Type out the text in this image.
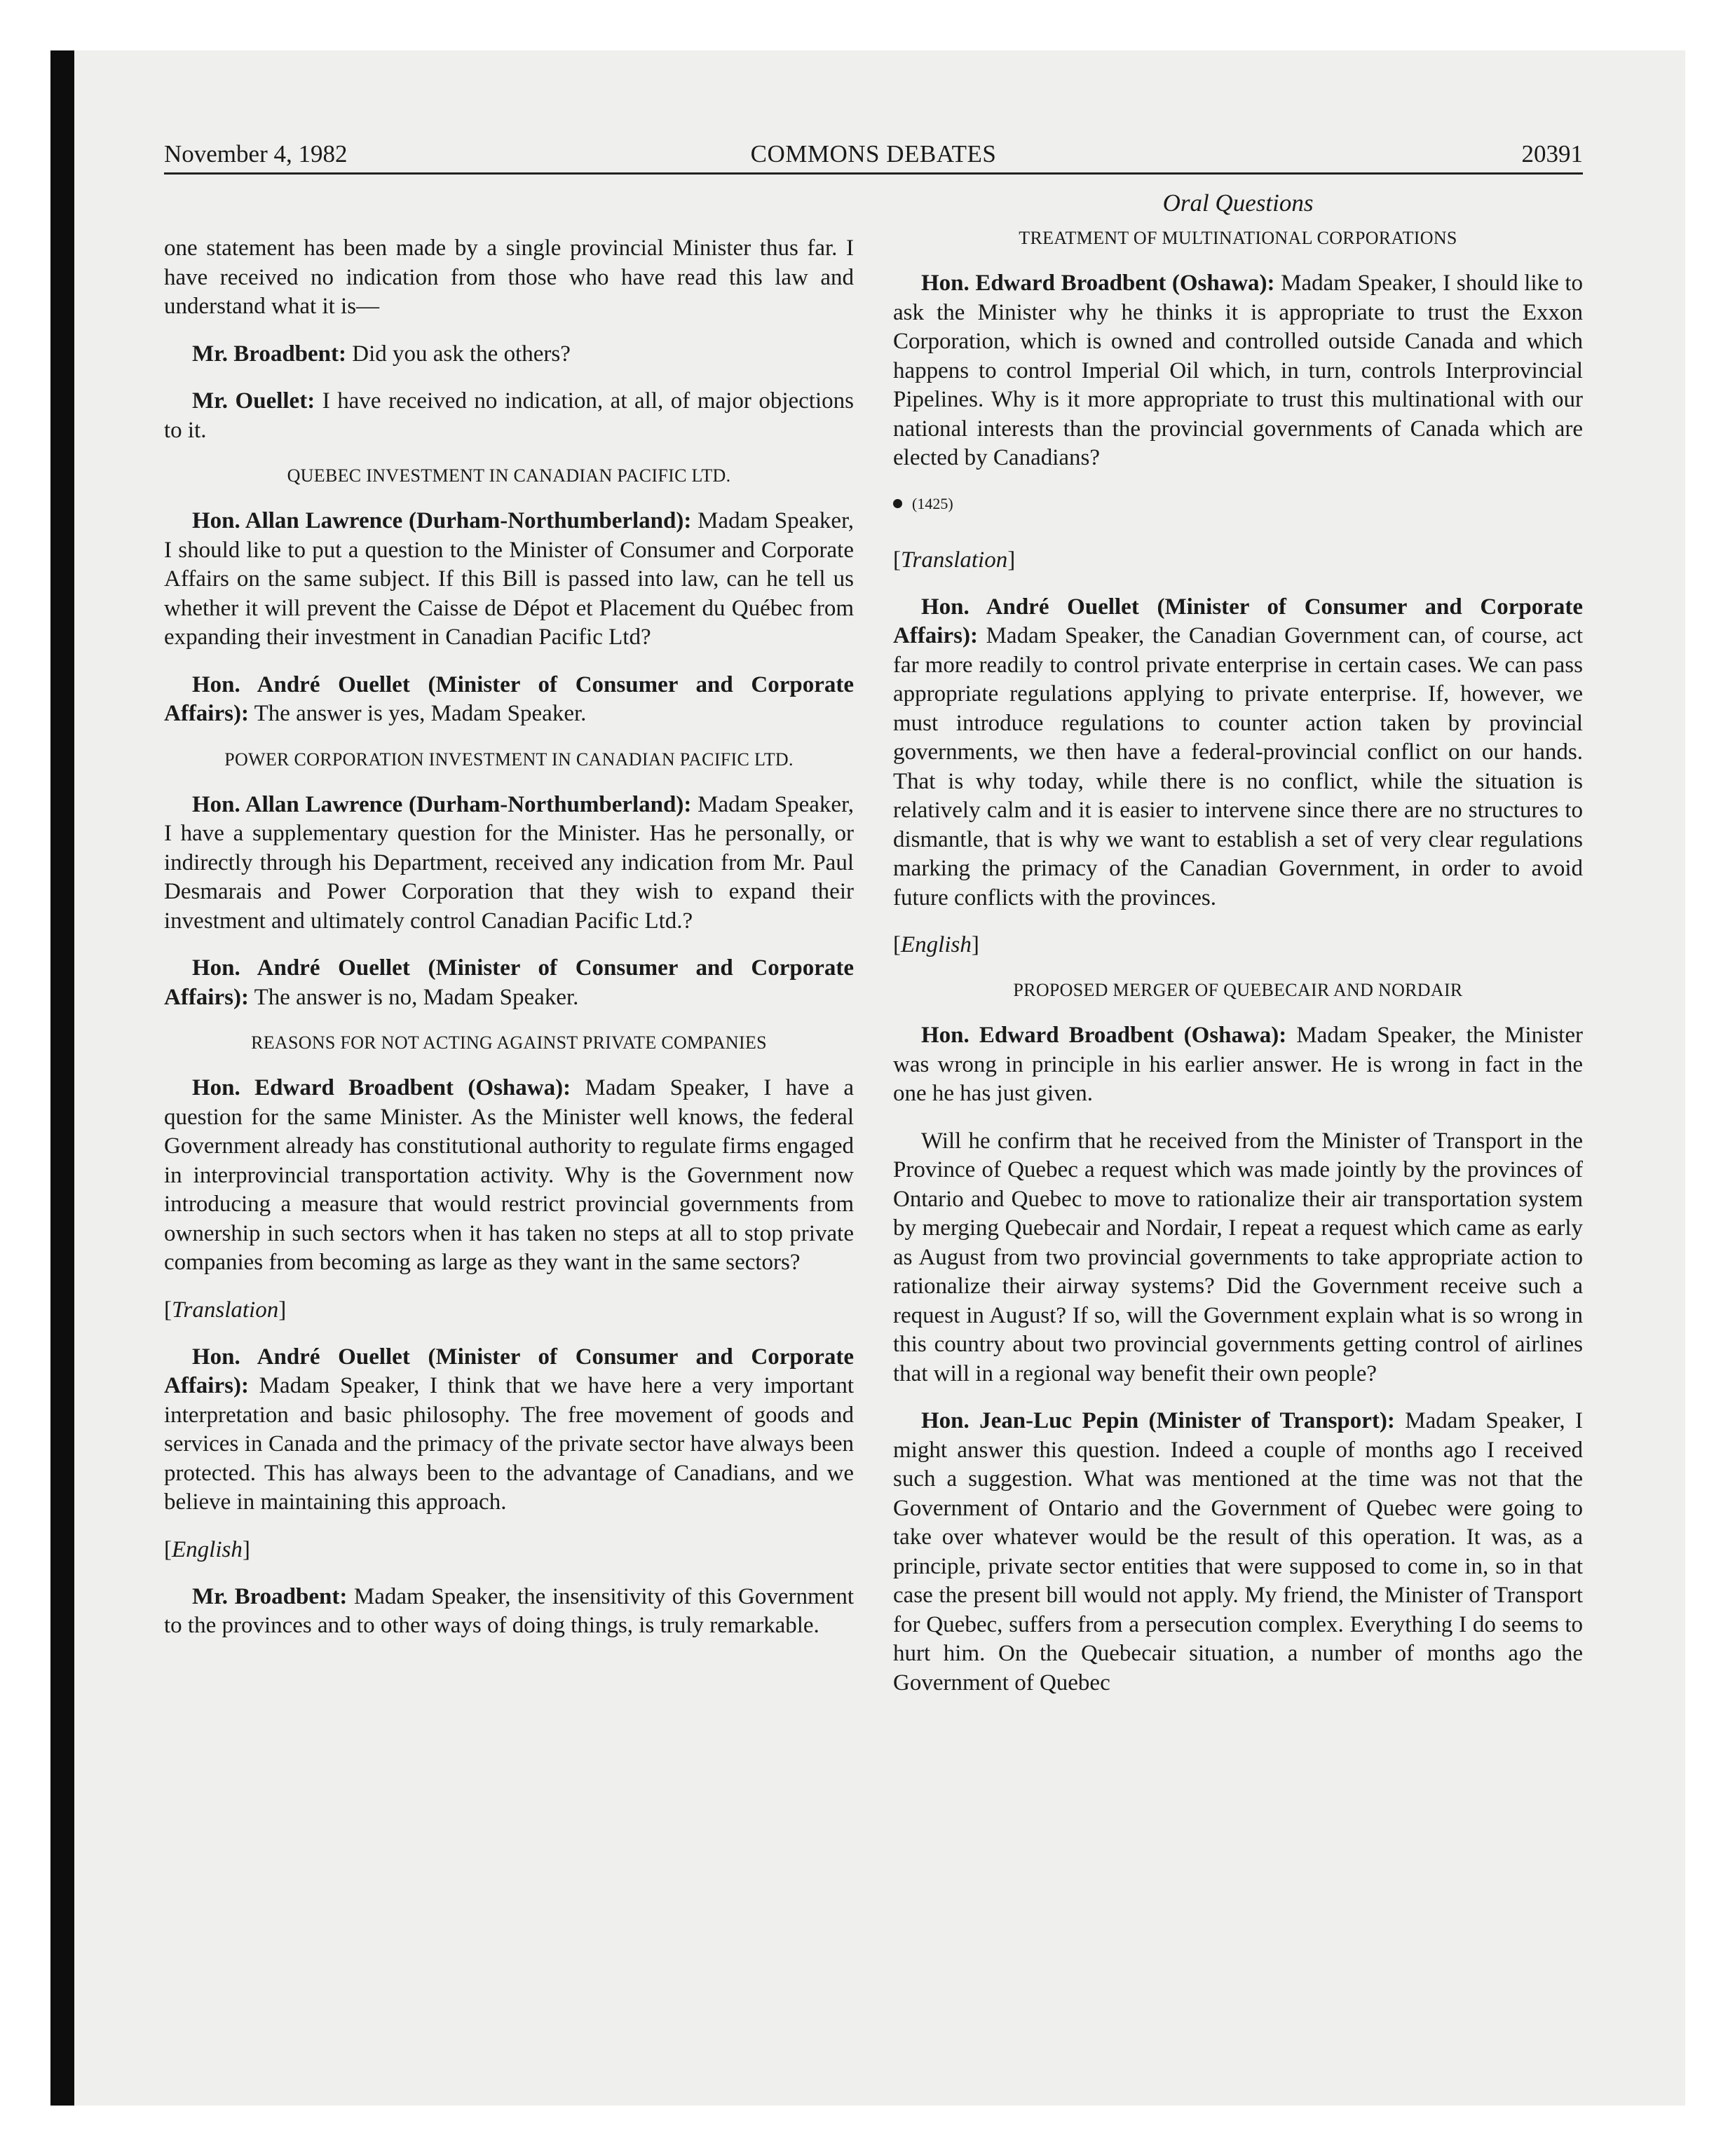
November 4, 1982	COMMONS DEBATES	20391

one statement has been made by a single provincial Minister thus far. I have received no indication from those who have read this law and understand what it is—

Mr. Broadbent: Did you ask the others?

Mr. Ouellet: I have received no indication, at all, of major objections to it.

QUEBEC INVESTMENT IN CANADIAN PACIFIC LTD.

Hon. Allan Lawrence (Durham-Northumberland): Madam Speaker, I should like to put a question to the Minister of Consumer and Corporate Affairs on the same subject. If this Bill is passed into law, can he tell us whether it will prevent the Caisse de Dépot et Placement du Québec from expanding their investment in Canadian Pacific Ltd?

Hon. André Ouellet (Minister of Consumer and Corporate Affairs): The answer is yes, Madam Speaker.

POWER CORPORATION INVESTMENT IN CANADIAN PACIFIC LTD.

Hon. Allan Lawrence (Durham-Northumberland): Madam Speaker, I have a supplementary question for the Minister. Has he personally, or indirectly through his Department, received any indication from Mr. Paul Desmarais and Power Corporation that they wish to expand their investment and ultimately control Canadian Pacific Ltd.?

Hon. André Ouellet (Minister of Consumer and Corporate Affairs): The answer is no, Madam Speaker.

REASONS FOR NOT ACTING AGAINST PRIVATE COMPANIES

Hon. Edward Broadbent (Oshawa): Madam Speaker, I have a question for the same Minister. As the Minister well knows, the federal Government already has constitutional authority to regulate firms engaged in interprovincial transportation activity. Why is the Government now introducing a measure that would restrict provincial governments from ownership in such sectors when it has taken no steps at all to stop private companies from becoming as large as they want in the same sectors?

[Translation]

Hon. André Ouellet (Minister of Consumer and Corporate Affairs): Madam Speaker, I think that we have here a very important interpretation and basic philosophy. The free movement of goods and services in Canada and the primacy of the private sector have always been protected. This has always been to the advantage of Canadians, and we believe in maintaining this approach.

[English]

Mr. Broadbent: Madam Speaker, the insensitivity of this Government to the provinces and to other ways of doing things, is truly remarkable.

Oral Questions
TREATMENT OF MULTINATIONAL CORPORATIONS

Hon. Edward Broadbent (Oshawa): Madam Speaker, I should like to ask the Minister why he thinks it is appropriate to trust the Exxon Corporation, which is owned and controlled outside Canada and which happens to control Imperial Oil which, in turn, controls Interprovincial Pipelines. Why is it more appropriate to trust this multinational with our national interests than the provincial governments of Canada which are elected by Canadians?

(1425)
[Translation]

Hon. André Ouellet (Minister of Consumer and Corporate Affairs): Madam Speaker, the Canadian Government can, of course, act far more readily to control private enterprise in certain cases. We can pass appropriate regulations applying to private enterprise. If, however, we must introduce regulations to counter action taken by provincial governments, we then have a federal-provincial conflict on our hands. That is why today, while there is no conflict, while the situation is relatively calm and it is easier to intervene since there are no structures to dismantle, that is why we want to establish a set of very clear regulations marking the primacy of the Canadian Government, in order to avoid future conflicts with the provinces.

[English]
PROPOSED MERGER OF QUEBECAIR AND NORDAIR

Hon. Edward Broadbent (Oshawa): Madam Speaker, the Minister was wrong in principle in his earlier answer. He is wrong in fact in the one he has just given.

Will he confirm that he received from the Minister of Transport in the Province of Quebec a request which was made jointly by the provinces of Ontario and Quebec to move to rationalize their air transportation system by merging Quebecair and Nordair, I repeat a request which came as early as August from two provincial governments to take appropriate action to rationalize their airway systems? Did the Government receive such a request in August? If so, will the Government explain what is so wrong in this country about two provincial governments getting control of airlines that will in a regional way benefit their own people?

Hon. Jean-Luc Pepin (Minister of Transport): Madam Speaker, I might answer this question. Indeed a couple of months ago I received such a suggestion. What was mentioned at the time was not that the Government of Ontario and the Government of Quebec were going to take over whatever would be the result of this operation. It was, as a principle, private sector entities that were supposed to come in, so in that case the present bill would not apply. My friend, the Minister of Transport for Quebec, suffers from a persecution complex. Everything I do seems to hurt him. On the Quebecair situation, a number of months ago the Government of Quebec
